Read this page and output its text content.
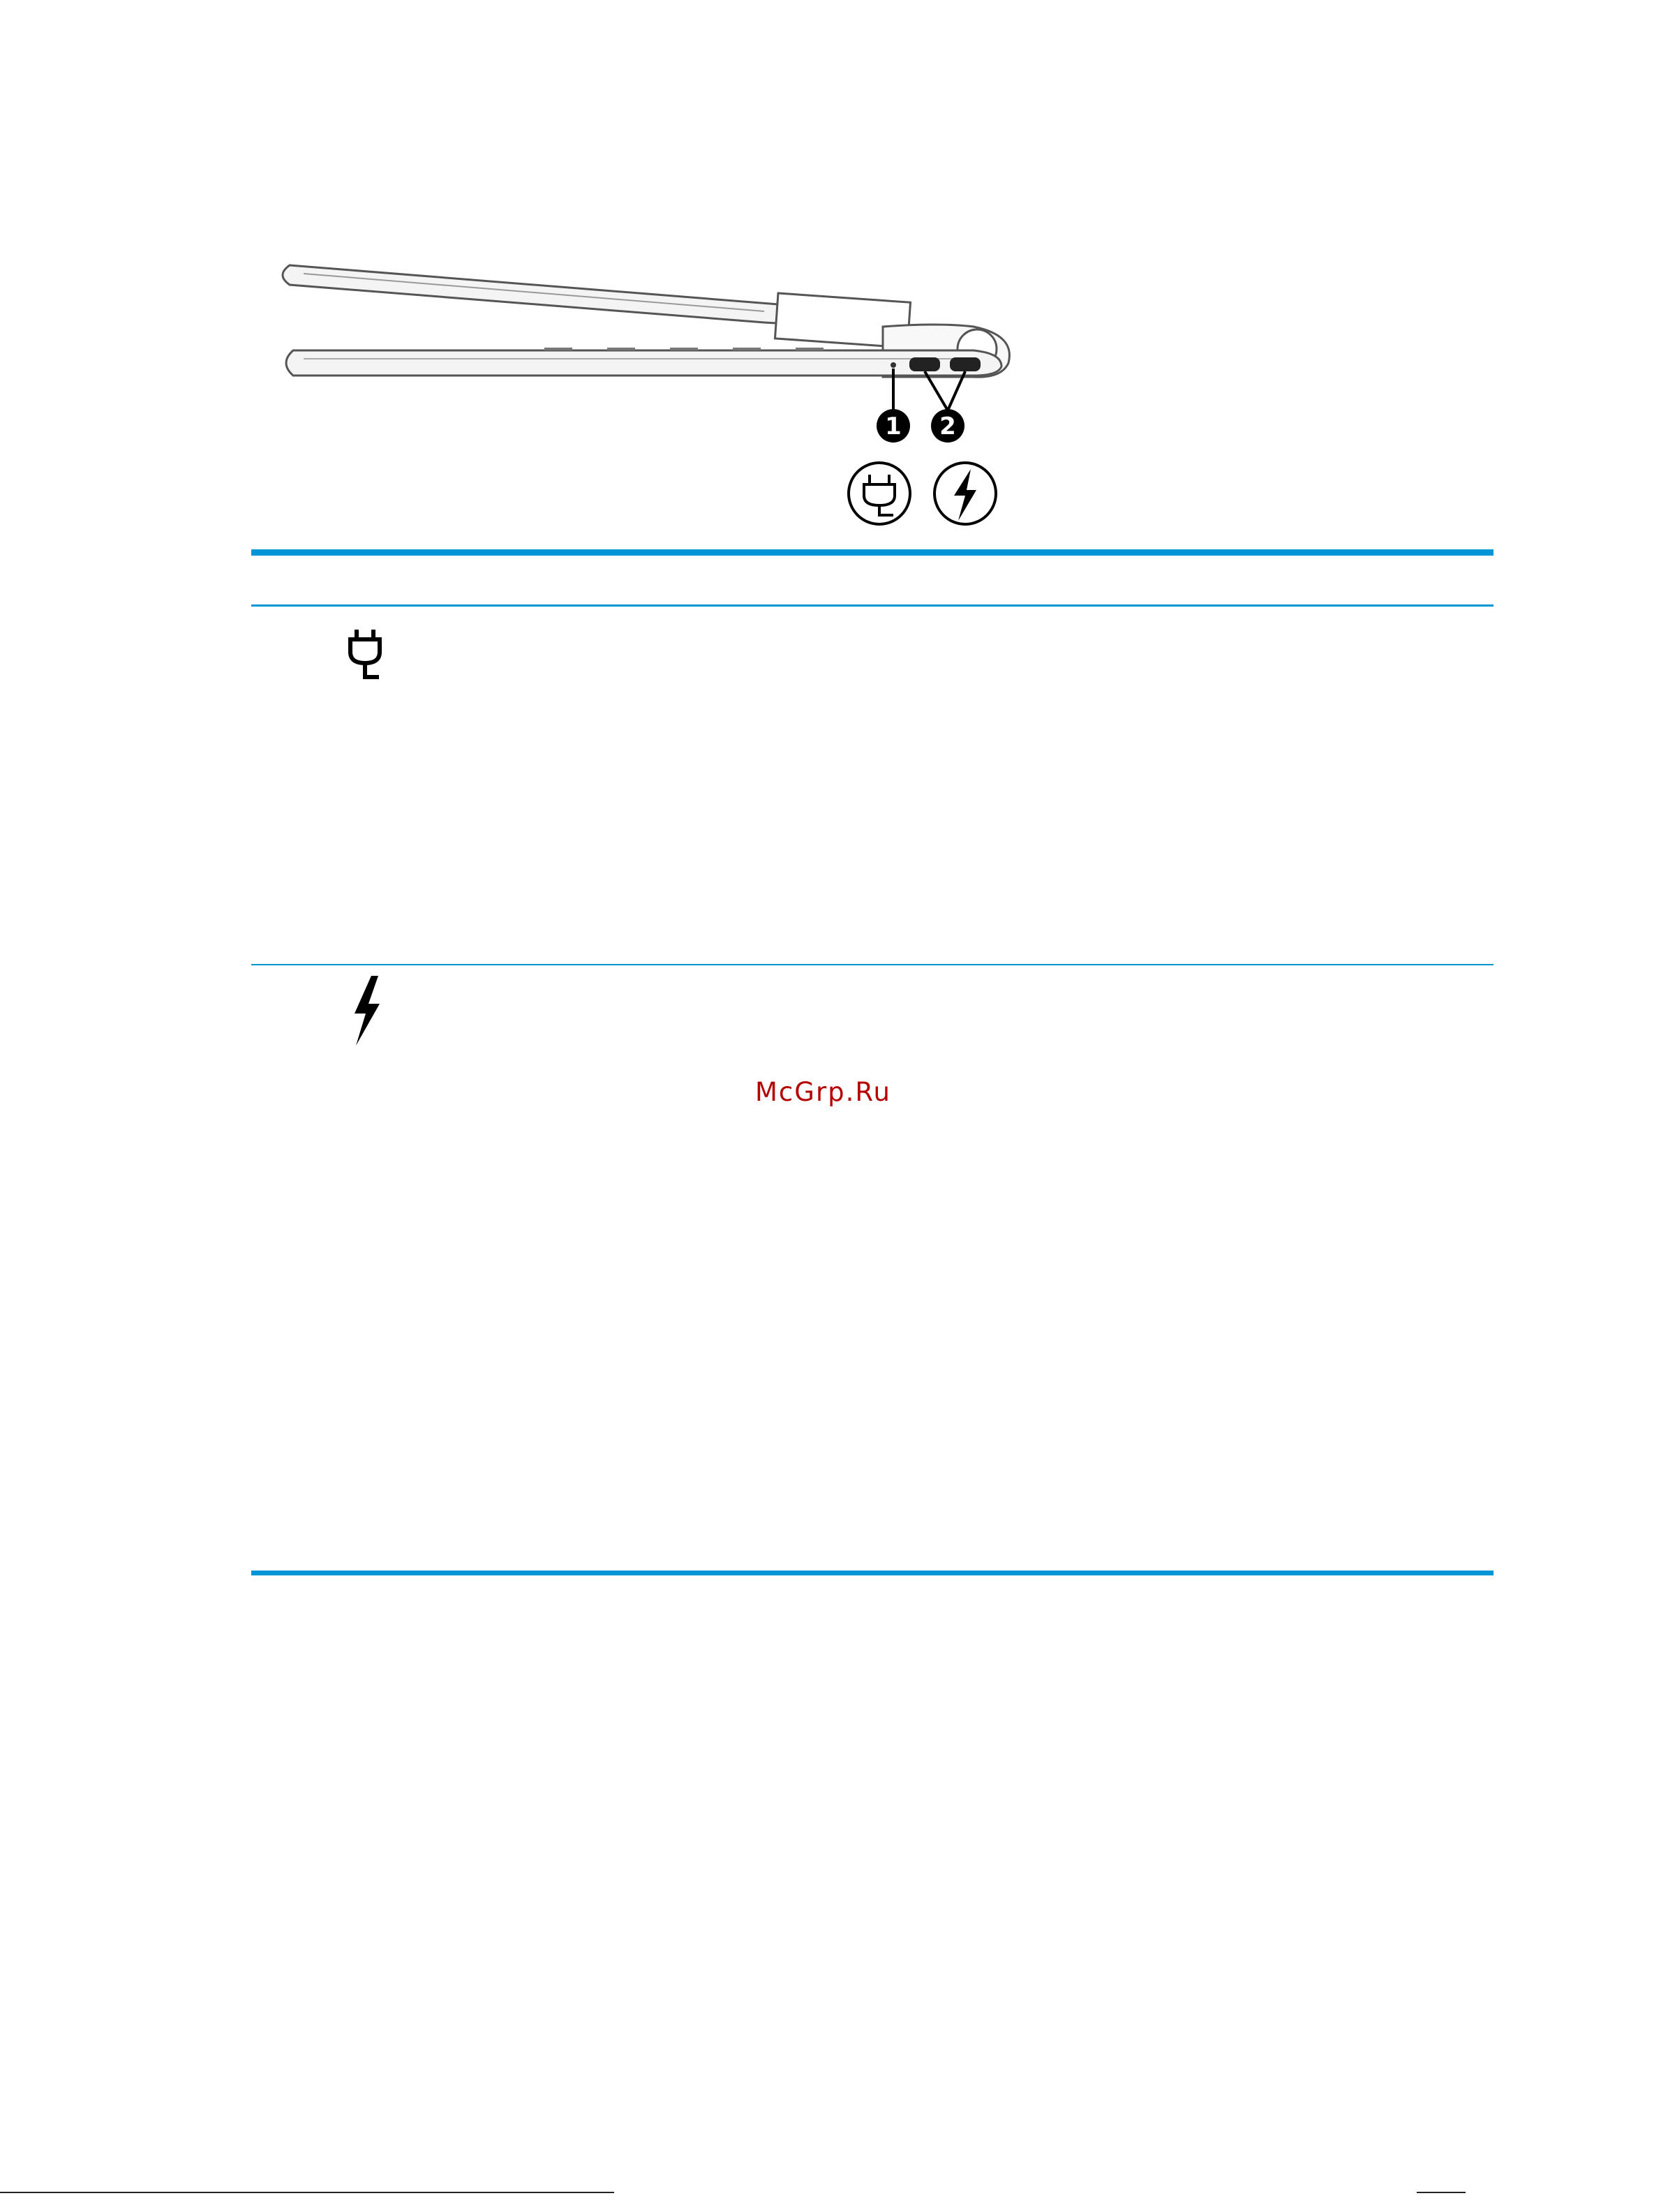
1 2
McGrp.Ru
